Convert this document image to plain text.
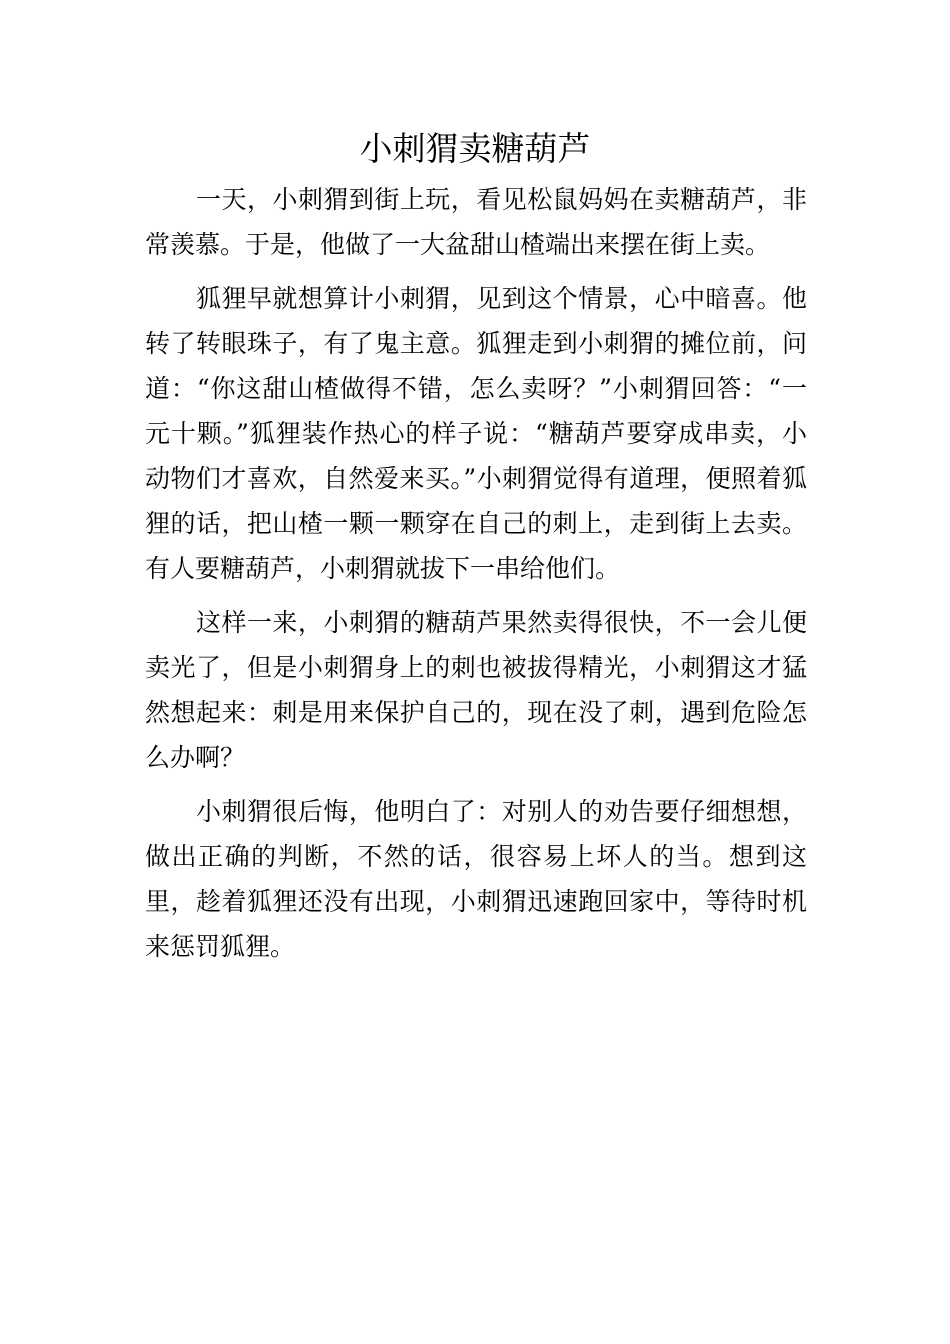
小刺猬卖糖葫芦

一天，小刺猬到街上玩，看见松鼠妈妈在卖糖葫芦，非常羡慕。于是，他做了一大盆甜山楂端出来摆在街上卖。

狐狸早就想算计小刺猬，见到这个情景，心中暗喜。他转了转眼珠子，有了鬼主意。狐狸走到小刺猬的摊位前，问道：“你这甜山楂做得不错，怎么卖呀？”小刺猬回答：“一元十颗。”狐狸装作热心的样子说：“糖葫芦要穿成串卖，小动物们才喜欢，自然爱来买。”小刺猬觉得有道理，便照着狐狸的话，把山楂一颗一颗穿在自己的刺上，走到街上去卖。有人要糖葫芦，小刺猬就拔下一串给他们。

这样一来，小刺猬的糖葫芦果然卖得很快，不一会儿便卖光了，但是小刺猬身上的刺也被拔得精光，小刺猬这才猛然想起来：刺是用来保护自己的，现在没了刺，遇到危险怎么办啊？

小刺猬很后悔，他明白了：对别人的劝告要仔细想想，做出正确的判断，不然的话，很容易上坏人的当。想到这里，趁着狐狸还没有出现，小刺猬迅速跑回家中，等待时机来惩罚狐狸。
